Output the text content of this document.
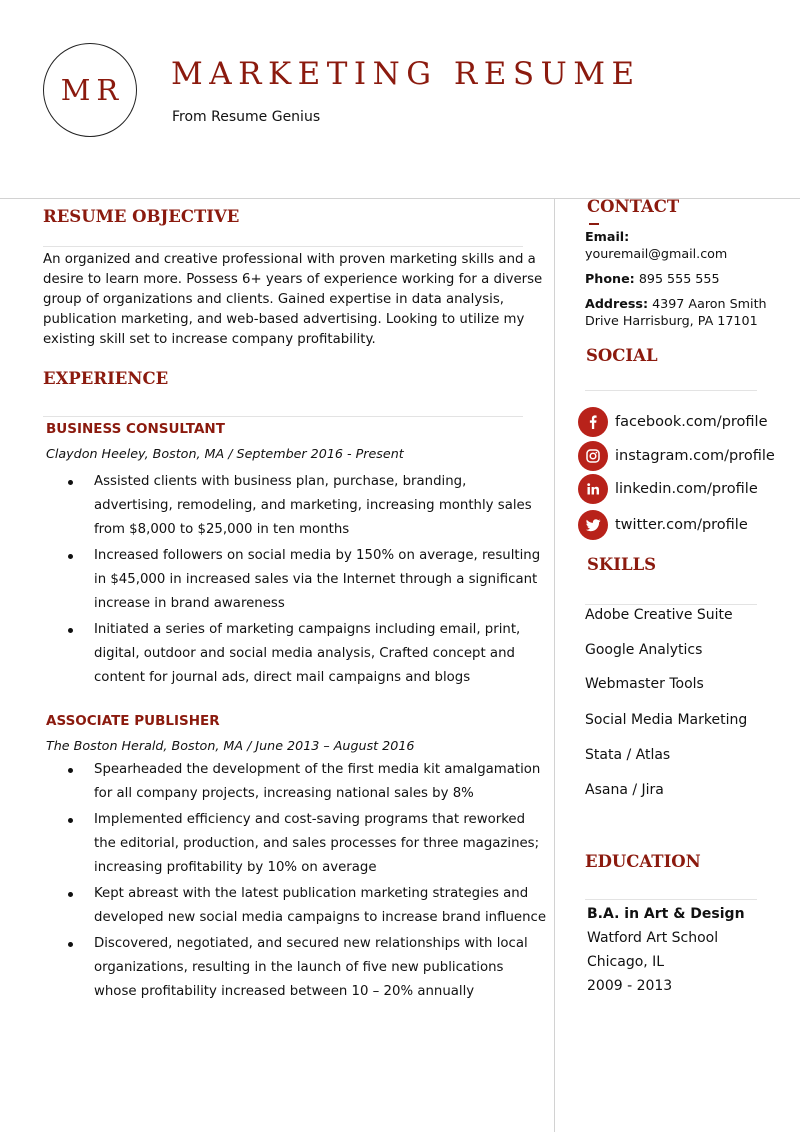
MR	MARKETING RESUME
From Resume Genius
RESUME OBJECTIVE

An organized and creative professional with proven marketing skills and a desire to learn more. Possess 6+ years of experience working for a diverse group of organizations and clients. Gained expertise in data analysis, publication marketing, and web-based advertising. Looking to utilize my existing skill set to increase company profitability.

EXPERIENCE
BUSINESS CONSULTANT
Claydon Heeley, Boston, MA / September 2016 - Present
Assisted clients with business plan, purchase, branding, advertising, remodeling, and marketing, increasing monthly sales from $8,000 to $25,000 in ten months
Increased followers on social media by 150% on average, resulting in $45,000 in increased sales via the Internet through a significant increase in brand awareness
Initiated a series of marketing campaigns including email, print, digital, outdoor and social media analysis, Crafted concept and content for journal ads, direct mail campaigns and blogs
ASSOCIATE PUBLISHER
The Boston Herald, Boston, MA / June 2013 – August 2016
Spearheaded the development of the first media kit amalgamation for all company projects, increasing national sales by 8%
Implemented efficiency and cost-saving programs that reworked the editorial, production, and sales processes for three magazines; increasing profitability by 10% on average
Kept abreast with the latest publication marketing strategies and developed new social media campaigns to increase brand influence
Discovered, negotiated, and secured new relationships with local organizations, resulting in the launch of five new publications whose profitability increased between 10 – 20% annually
CONTACT
Email:
youremail@gmail.com
Phone: 895 555 555
Address: 4397 Aaron Smith Drive Harrisburg, PA 17101
SOCIAL
facebook.com/profile
instagram.com/profile
linkedin.com/profile
twitter.com/profile
SKILLS
Adobe Creative Suite
Google Analytics
Webmaster Tools
Social Media Marketing
Stata / Atlas
Asana / Jira
EDUCATION
B.A. in Art & Design
Watford Art School
Chicago, IL
2009 - 2013
